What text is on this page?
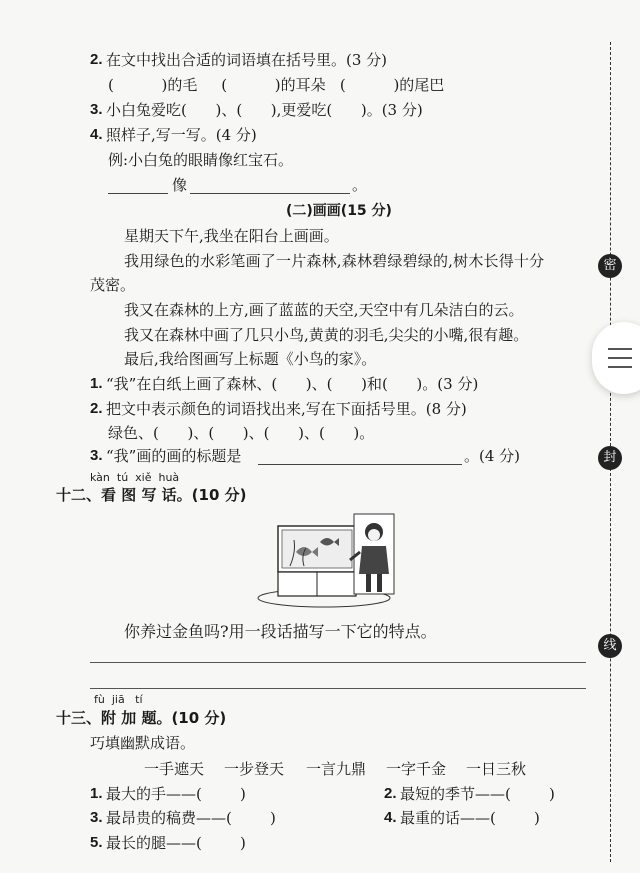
密
封
线
2. 在文中找出合适的词语填在括号里。(3 分)
(          )的毛     (          )的耳朵   (          )的尾巴
3. 小白兔爱吃(      )、(      ),更爱吃(      )。(3 分)
4. 照样子,写一写。(4 分)
例:小白兔的眼睛像红宝石。
像	。
(二)画画(15 分)
星期天下午,我坐在阳台上画画。
我用绿色的水彩笔画了一片森林,森林碧绿碧绿的,树木长得十分
茂密。
我又在森林的上方,画了蓝蓝的天空,天空中有几朵洁白的云。
我又在森林中画了几只小鸟,黄黄的羽毛,尖尖的小嘴,很有趣。
最后,我给图画写上标题《小鸟的家》。
1. “我”在白纸上画了森林、(      )、(      )和(      )。(3 分)
2. 把文中表示颜色的词语找出来,写在下面括号里。(8 分)
绿色、(      )、(      )、(      )、(      )。
3. “我”画的画的标题是	。(4 分)
kàn  tú  xiě  huà
十二、看 图 写 话。(10 分)
你养过金鱼吗?用一段话描写一下它的特点。
fù  jiā   tí
十三、附 加 题。(10 分)
巧填幽默成语。
一手遮天 一步登天 一言九鼎 一字千金 一日三秋
1. 最大的手——(        )	2. 最短的季节——(        )
3. 最昂贵的稿费——(        )	4. 最重的话——(        )
5. 最长的腿——(        )
